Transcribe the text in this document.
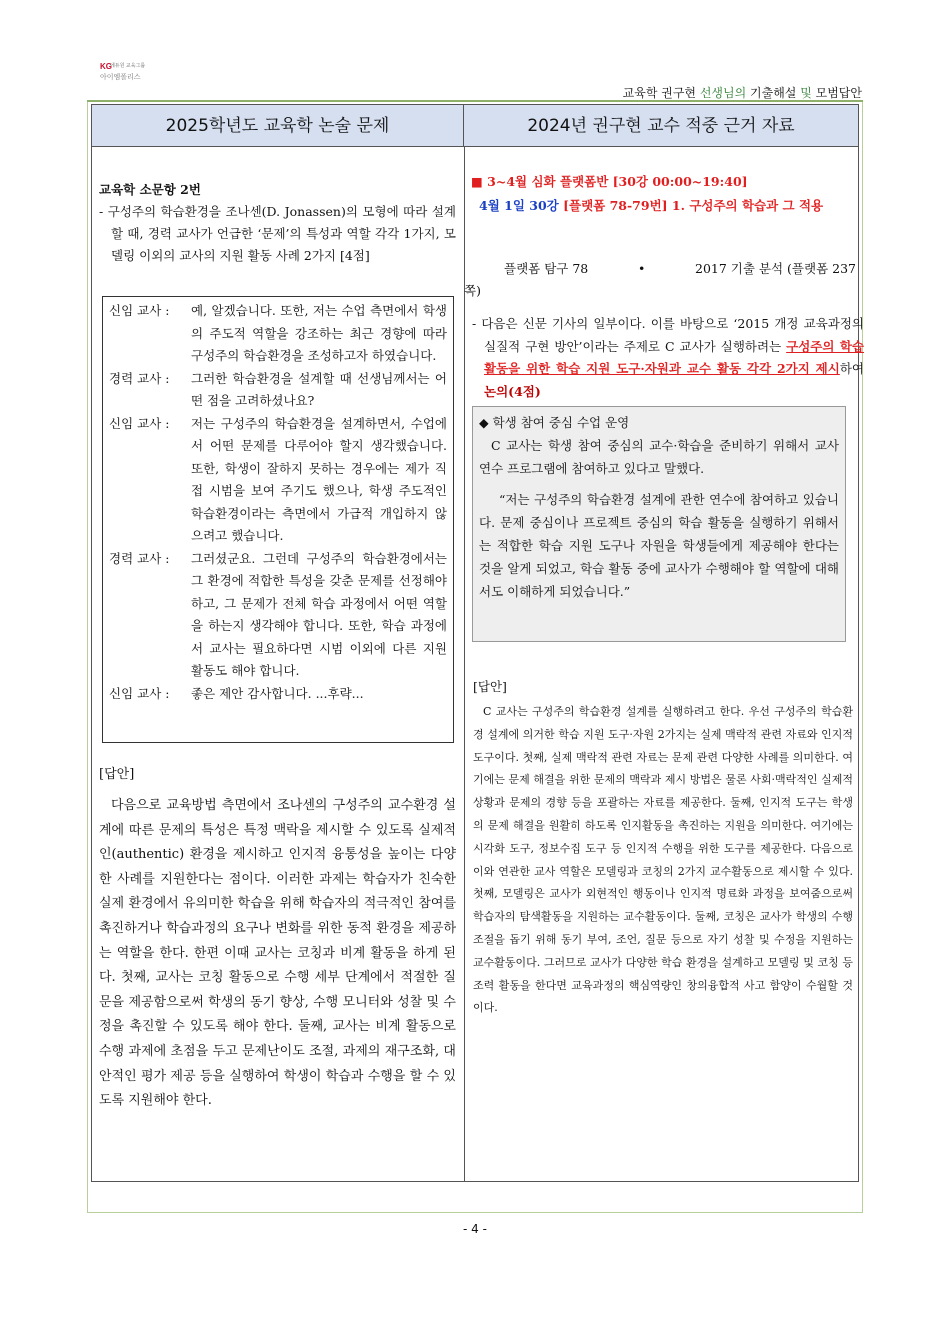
KG
에듀원 교육그룹
아이엠폴리스
교육학 권구현 선생님의 기출해설 및 모범답안
2025학년도 교육학 논술 문제	2024년 권구현 교수 적중 근거 자료
교육학 소문항 2번
- 구성주의 학습환경을 조나센(D. Jonassen)의 모형에 따라 설계할 때, 경력 교사가 언급한 ‘문제’의 특성과 역할 각각 1가지, 모델링 이외의 교사의 지원 활동 사례 2가지 [4점]
신임 교사 :	예, 알겠습니다. 또한, 저는 수업 측면에서 학생의 주도적 역할을 강조하는 최근 경향에 따라 구성주의 학습환경을 조성하고자 하였습니다.
경력 교사 :	그러한 학습환경을 설계할 때 선생님께서는 어떤 점을 고려하셨나요?
신임 교사 :	저는 구성주의 학습환경을 설계하면서, 수업에서 어떤 문제를 다루어야 할지 생각했습니다. 또한, 학생이 잘하지 못하는 경우에는 제가 직접 시범을 보여 주기도 했으나, 학생 주도적인 학습환경이라는 측면에서 가급적 개입하지 않으려고 했습니다.
경력 교사 :	그러셨군요. 그런데 구성주의 학습환경에서는 그 환경에 적합한 특성을 갖춘 문제를 선정해야 하고, 그 문제가 전체 학습 과정에서 어떤 역할을 하는지 생각해야 합니다. 또한, 학습 과정에서 교사는 필요하다면 시범 이외에 다른 지원 활동도 해야 합니다.
신임 교사 :	좋은 제안 감사합니다. ...후략...
[답안]
다음으로 교육방법 측면에서 조나센의 구성주의 교수환경 설계에 따른 문제의 특성은 특정 맥락을 제시할 수 있도록 실제적인(authentic) 환경을 제시하고 인지적 융통성을 높이는 다양한 사례를 지원한다는 점이다. 이러한 과제는 학습자가 친숙한 실제 환경에서 유의미한 학습을 위해 학습자의 적극적인 참여를 촉진하거나 학습과정의 요구나 변화를 위한 동적 환경을 제공하는 역할을 한다. 한편 이때 교사는 코칭과 비계 활동을 하게 된다. 첫째, 교사는 코칭 활동으로 수행 세부 단계에서 적절한 질문을 제공함으로써 학생의 동기 향상, 수행 모니터와 성찰 및 수정을 촉진할 수 있도록 해야 한다. 둘째, 교사는 비계 활동으로 수행 과제에 초점을 두고 문제난이도 조절, 과제의 재구조화, 대안적인 평가 제공 등을 실행하여 학생이 학습과 수행을 할 수 있도록 지원해야 한다.
■ 3~4월 심화 플랫폼반 [30강 00:00~19:40]
4월 1일 30강 [플랫폼 78-79번] 1. 구성주의 학습과 그 적용
플랫폼 탐구 78	•	2017 기출 분석 (플랫폼 237
쪽)
- 다음은 신문 기사의 일부이다. 이를 바탕으로 ‘2015 개정 교육과정의 실질적 구현 방안’이라는 주제로 C 교사가 실행하려는 구성주의 학습 활동을 위한 학습 지원 도구·자원과 교수 활동 각각 2가지 제시하여 논의(4점)
◆ 학생 참여 중심 수업 운영
C 교사는 학생 참여 중심의 교수·학습을 준비하기 위해서 교사 연수 프로그램에 참여하고 있다고 말했다.
“저는 구성주의 학습환경 설계에 관한 연수에 참여하고 있습니다. 문제 중심이나 프로젝트 중심의 학습 활동을 실행하기 위해서는 적합한 학습 지원 도구나 자원을 학생들에게 제공해야 한다는 것을 알게 되었고, 학습 활동 중에 교사가 수행해야 할 역할에 대해서도 이해하게 되었습니다.”
[답안]
C 교사는 구성주의 학습환경 설계를 실행하려고 한다. 우선 구성주의 학습환경 설계에 의거한 학습 지원 도구·자원 2가지는 실제 맥락적 관련 자료와 인지적 도구이다. 첫째, 실제 맥락적 관련 자료는 문제 관련 다양한 사례를 의미한다. 여기에는 문제 해결을 위한 문제의 맥락과 제시 방법은 물론 사회·맥락적인 실제적 상황과 문제의 경향 등을 포괄하는 자료를 제공한다. 둘째, 인지적 도구는 학생의 문제 해결을 원활히 하도록 인지활동을 촉진하는 지원을 의미한다. 여기에는 시각화 도구, 정보수집 도구 등 인지적 수행을 위한 도구를 제공한다. 다음으로 이와 연관한 교사 역할은 모델링과 코칭의 2가지 교수활동으로 제시할 수 있다. 첫째, 모델링은 교사가 외현적인 행동이나 인지적 명료화 과정을 보여줌으로써 학습자의 탐색활동을 지원하는 교수활동이다. 둘째, 코칭은 교사가 학생의 수행 조절을 돕기 위해 동기 부여, 조언, 질문 등으로 자기 성찰 및 수정을 지원하는 교수활동이다. 그러므로 교사가 다양한 학습 환경을 설계하고 모델링 및 코칭 등 조력 활동을 한다면 교육과정의 핵심역량인 창의융합적 사고 함양이 수월할 것이다.
- 4 -
